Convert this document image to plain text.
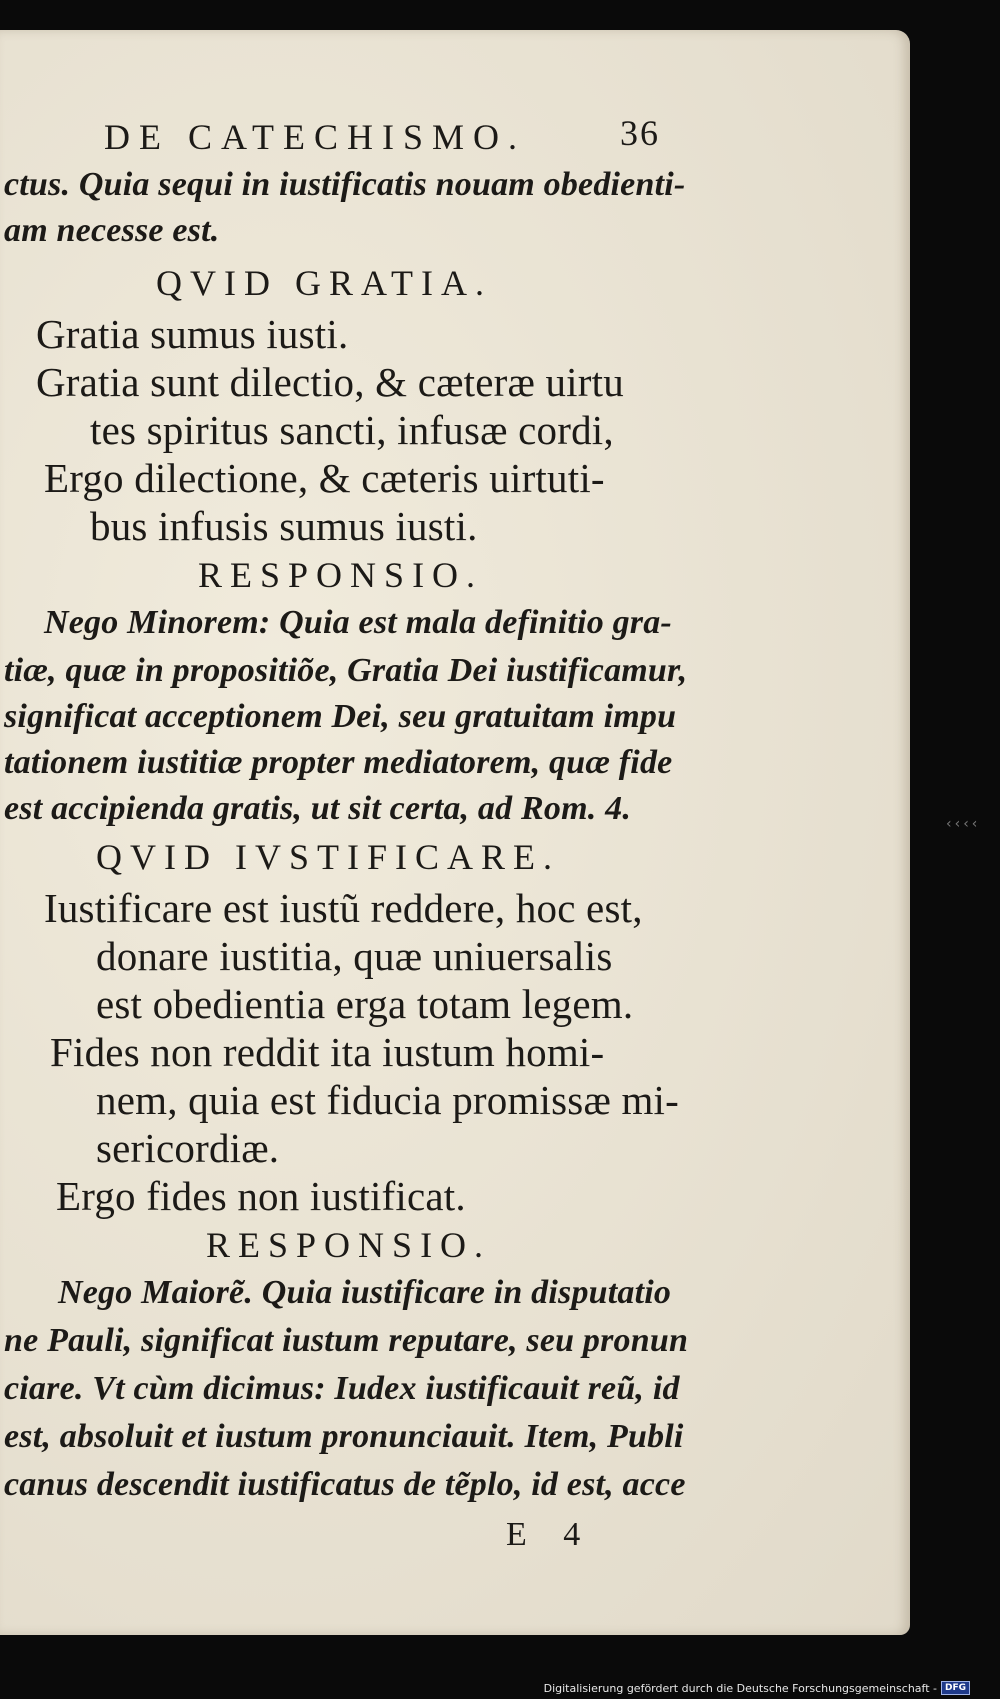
DE CATECHISMO.	36
ctus. Quia sequi in iustificatis nouam obedienti-
am necesse est.
QVID GRATIA.
Gratia sumus iusti.
Gratia sunt dilectio, & cæteræ uirtu
tes spiritus sancti, infusæ cordi,
Ergo dilectione, & cæteris uirtuti-
bus infusis sumus iusti.
RESPONSIO.
Nego Minorem: Quia est mala definitio gra-
tiæ, quæ in propositiõe, Gratia Dei iustificamur,
significat acceptionem Dei, seu gratuitam impu
tationem iustitiæ propter mediatorem, quæ fide
est accipienda gratis, ut sit certa, ad Rom. 4.
QVID IVSTIFICARE.
Iustificare est iustũ reddere, hoc est,
donare iustitia, quæ uniuersalis
est obedientia erga totam legem.
Fides non reddit ita iustum homi-
nem, quia est fiducia promissæ mi-
sericordiæ.
Ergo fides non iustificat.
RESPONSIO.
Nego Maiorẽ. Quia iustificare in disputatio
ne Pauli, significat iustum reputare, seu pronun
ciare. Vt cùm dicimus: Iudex iustificauit reũ, id
est, absoluit et iustum pronunciauit. Item, Publi
canus descendit iustificatus de tẽplo, id est, acce
E 4
‹‹‹‹
Digitalisierung gefördert durch die Deutsche Forschungsgemeinschaft - DFG
